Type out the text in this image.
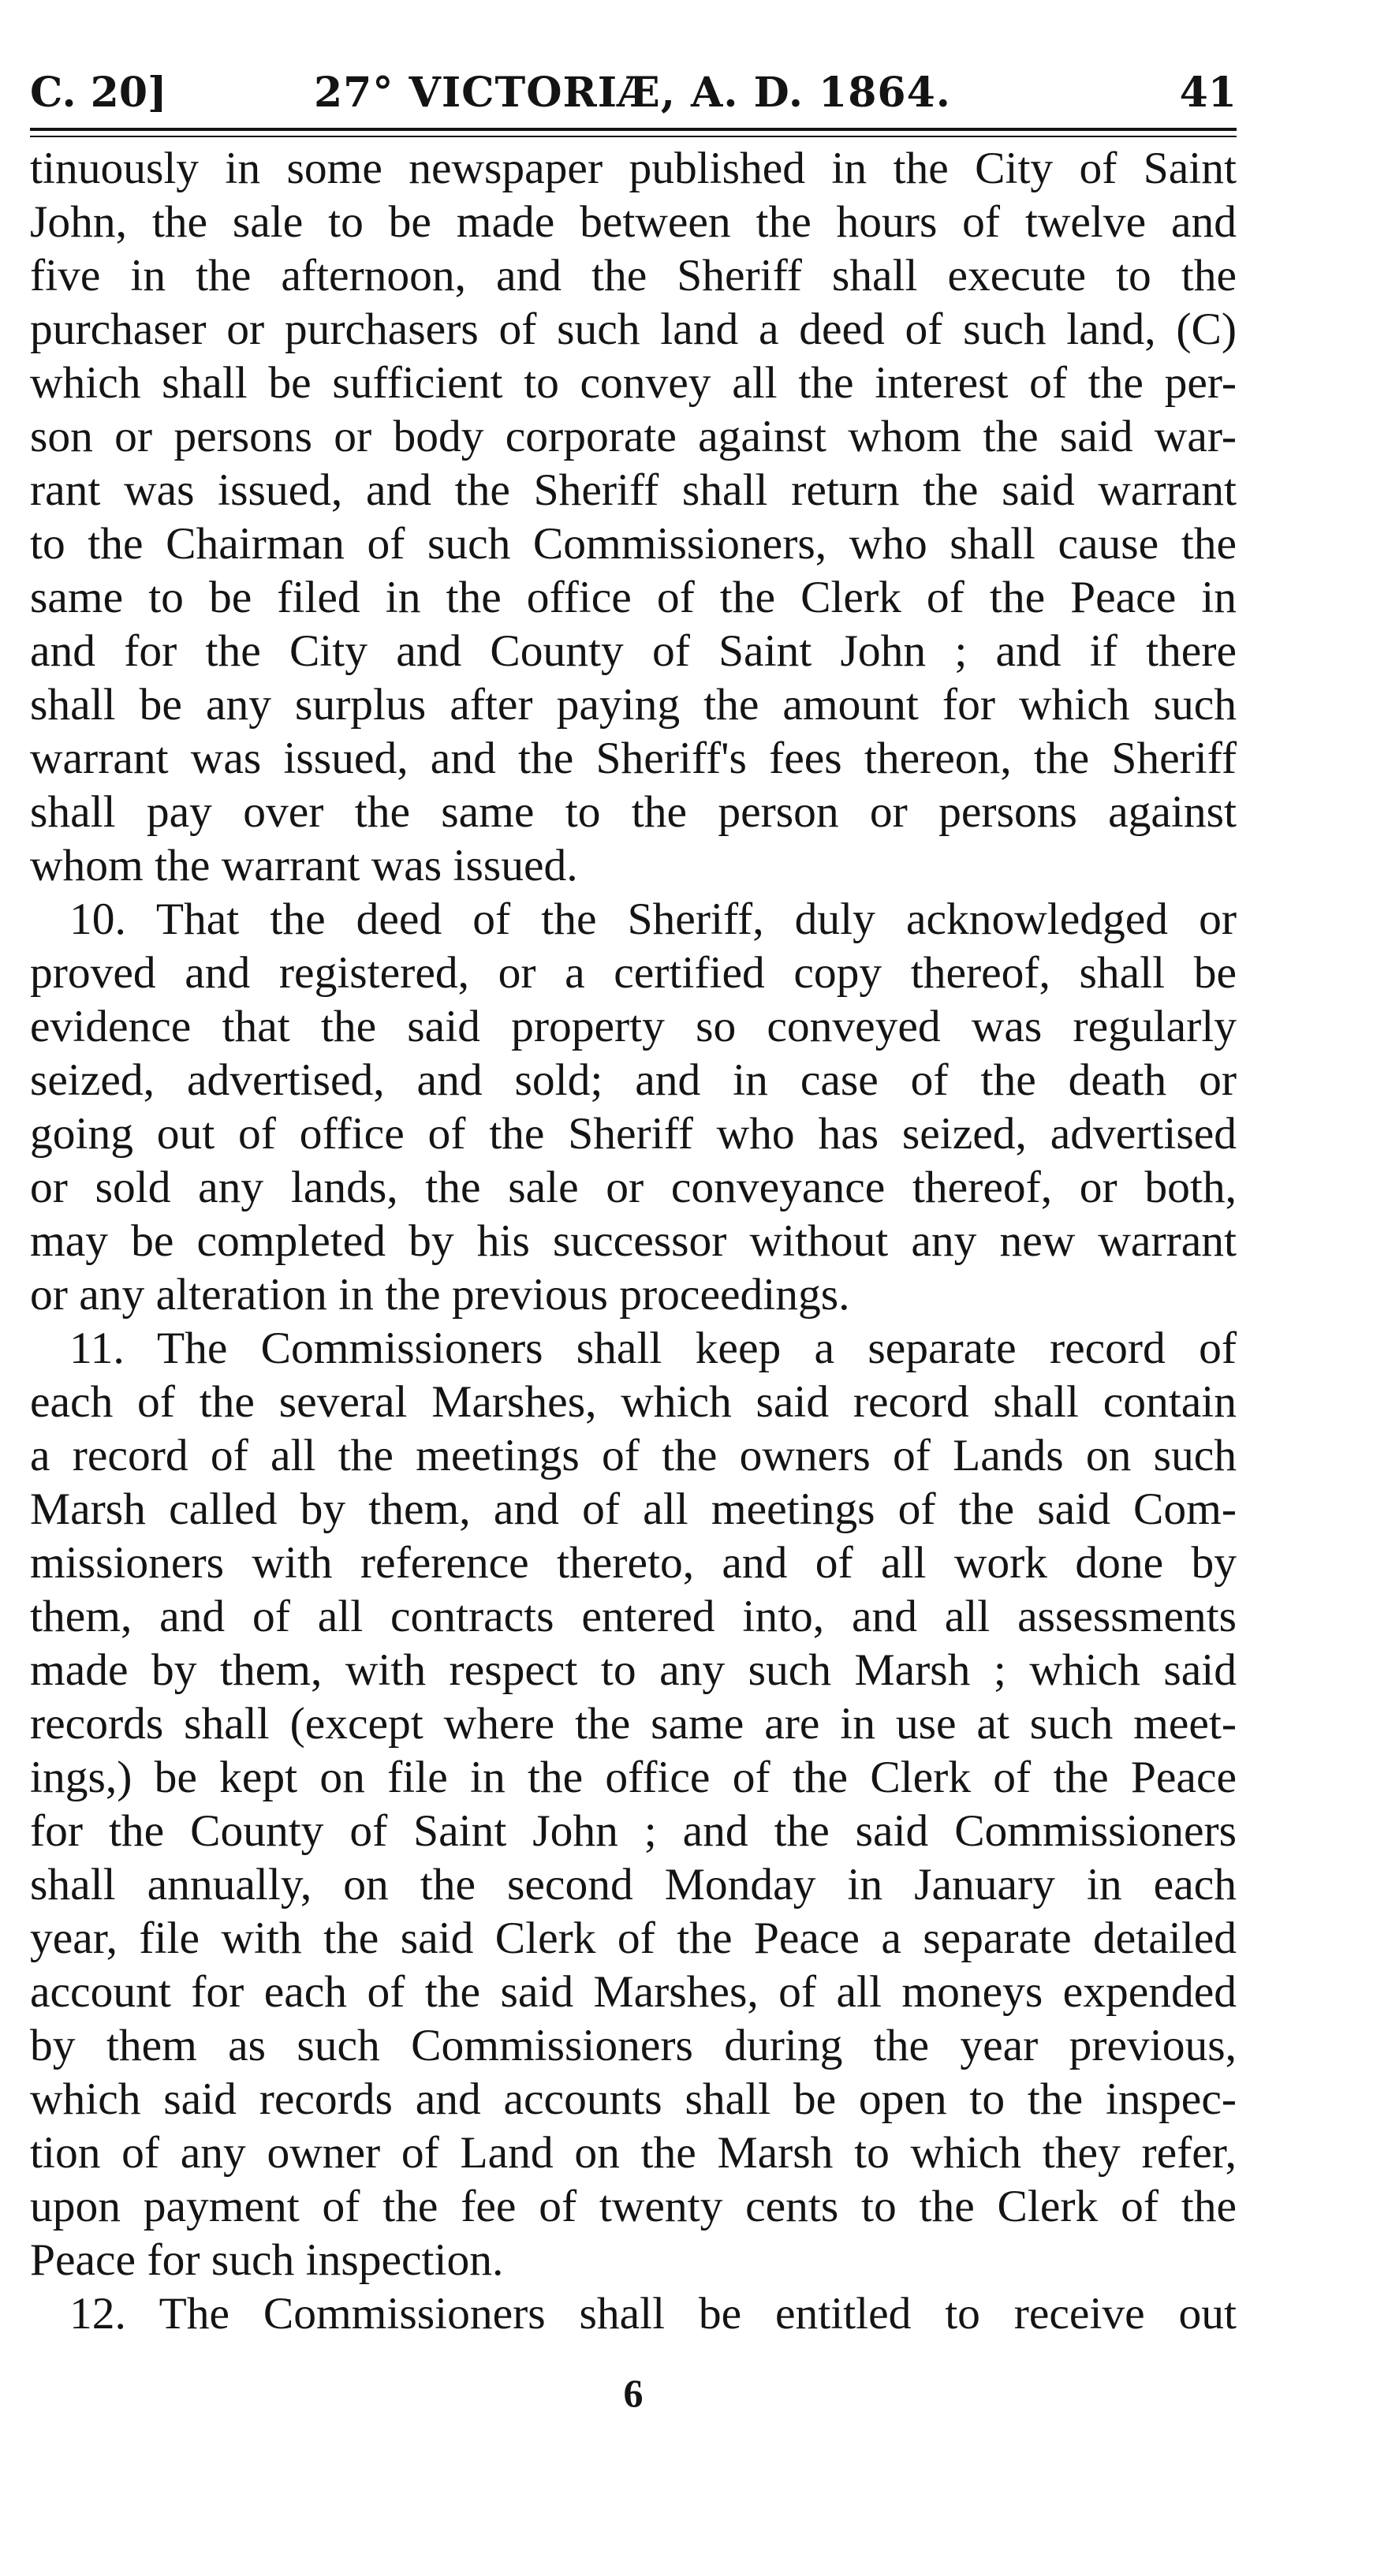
C. 20]	27° VICTORIÆ, A. D. 1864.	41
tinuously in some newspaper published in the City of Saint
John, the sale to be made between the hours of twelve and
five in the afternoon, and the Sheriff shall execute to the
purchaser or purchasers of such land a deed of such land, (C)
which shall be sufficient to convey all the interest of the per-
son or persons or body corporate against whom the said war-
rant was issued, and the Sheriff shall return the said warrant
to the Chairman of such Commissioners, who shall cause the
same to be filed in the office of the Clerk of the Peace in
and for the City and County of Saint John ; and if there
shall be any surplus after paying the amount for which such
warrant was issued, and the Sheriff's fees thereon, the Sheriff
shall pay over the same to the person or persons against
whom the warrant was issued.
10. That the deed of the Sheriff, duly acknowledged or
proved and registered, or a certified copy thereof, shall be
evidence that the said property so conveyed was regularly
seized, advertised, and sold; and in case of the death or
going out of office of the Sheriff who has seized, advertised
or sold any lands, the sale or conveyance thereof, or both,
may be completed by his successor without any new warrant
or any alteration in the previous proceedings.
11. The Commissioners shall keep a separate record of
each of the several Marshes, which said record shall contain
a record of all the meetings of the owners of Lands on such
Marsh called by them, and of all meetings of the said Com-
missioners with reference thereto, and of all work done by
them, and of all contracts entered into, and all assessments
made by them, with respect to any such Marsh ; which said
records shall (except where the same are in use at such meet-
ings,) be kept on file in the office of the Clerk of the Peace
for the County of Saint John ; and the said Commissioners
shall annually, on the second Monday in January in each
year, file with the said Clerk of the Peace a separate detailed
account for each of the said Marshes, of all moneys expended
by them as such Commissioners during the year previous,
which said records and accounts shall be open to the inspec-
tion of any owner of Land on the Marsh to which they refer,
upon payment of the fee of twenty cents to the Clerk of the
Peace for such inspection.
12. The Commissioners shall be entitled to receive out
6
